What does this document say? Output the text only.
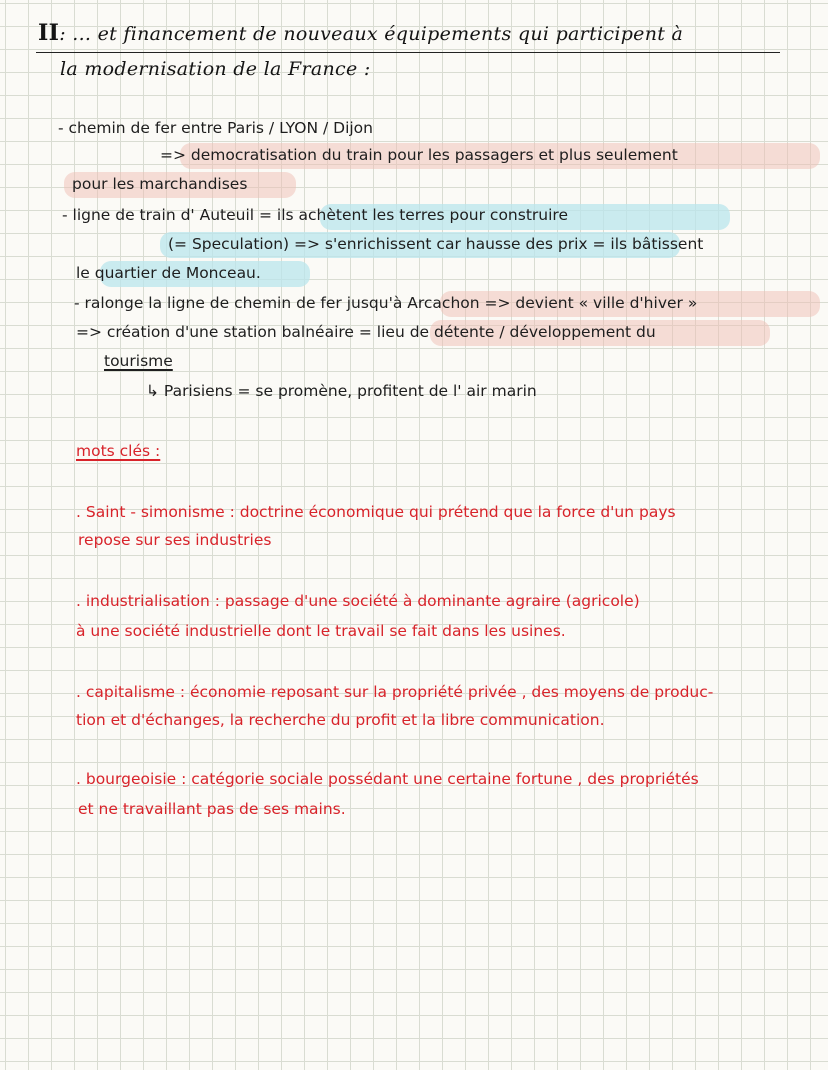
II: ... et financement de nouveaux équipements qui participent à
la modernisation de la France :
- chemin de fer entre Paris / LYON / Dijon
=> democratisation du train pour les passagers et plus seulement
pour les marchandises
- ligne de train d' Auteuil = ils achètent les terres pour construire
(= Speculation) => s'enrichissent car hausse des prix = ils bâtissent
le quartier de Monceau.
- ralonge la ligne de chemin de fer jusqu'à Arcachon => devient « ville d'hiver »
=> création d'une station balnéaire = lieu de détente / développement du
tourisme
↳ Parisiens = se promène, profitent de l' air marin
mots clés :
. Saint - simonisme : doctrine économique qui prétend que la force d'un pays
repose sur ses industries
. industrialisation : passage d'une société à dominante agraire (agricole)
à une société industrielle dont le travail se fait dans les usines.
. capitalisme : économie reposant sur la propriété privée , des moyens de produc-
tion et d'échanges, la recherche du profit et la libre communication.
. bourgeoisie : catégorie sociale possédant une certaine fortune , des propriétés
et ne travaillant pas de ses mains.
